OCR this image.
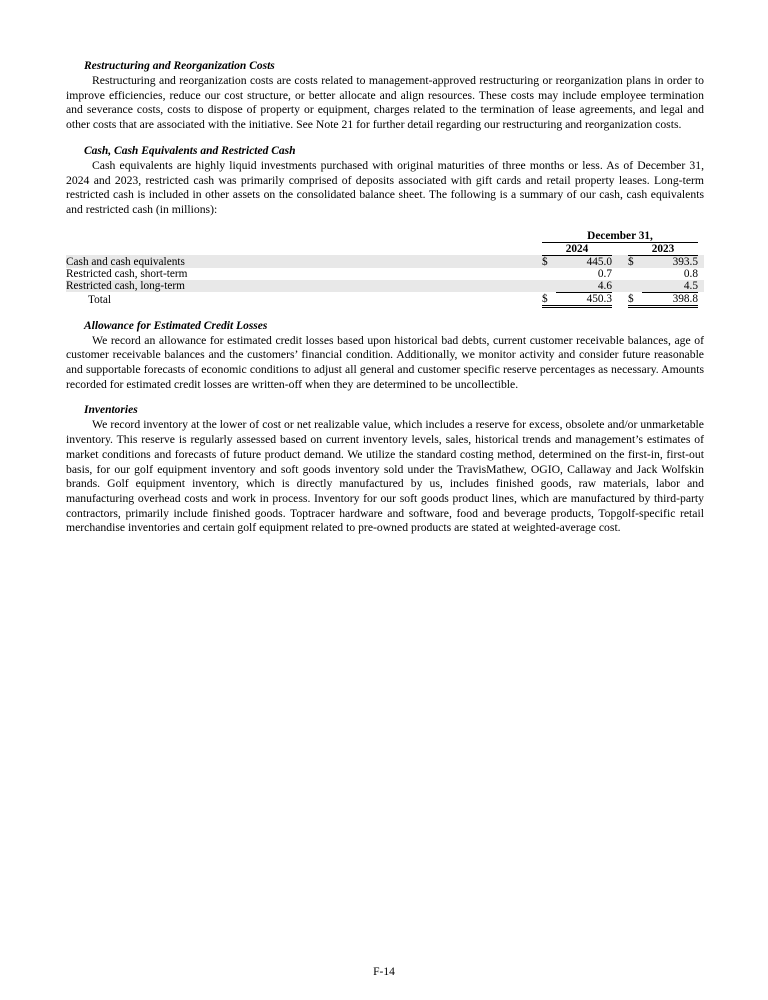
Restructuring and Reorganization Costs

Restructuring and reorganization costs are costs related to management-approved restructuring or reorganization plans in order to improve efficiencies, reduce our cost structure, or better allocate and align resources. These costs may include employee termination and severance costs, costs to dispose of property or equipment, charges related to the termination of lease agreements, and legal and other costs that are associated with the initiative. See Note 21 for further detail regarding our restructuring and reorganization costs.

Cash, Cash Equivalents and Restricted Cash

Cash equivalents are highly liquid investments purchased with original maturities of three months or less. As of December 31, 2024 and 2023, restricted cash was primarily comprised of deposits associated with gift cards and retail property leases. Long-term restricted cash is included in other assets on the consolidated balance sheet. The following is a summary of our cash, cash equivalents and restricted cash (in millions):

		December 31,					
		2024			2023		
Cash and cash equivalents		$	445.0		$	393.5	
Restricted cash, short-term			0.7			0.8	
Restricted cash, long-term			4.6			4.5	
Total		$	450.3		$	398.8	
Allowance for Estimated Credit Losses

We record an allowance for estimated credit losses based upon historical bad debts, current customer receivable balances, age of customer receivable balances and the customers’ financial condition. Additionally, we monitor activity and consider future reasonable and supportable forecasts of economic conditions to adjust all general and customer specific reserve percentages as necessary. Amounts recorded for estimated credit losses are written-off when they are determined to be uncollectible.

Inventories

We record inventory at the lower of cost or net realizable value, which includes a reserve for excess, obsolete and/or unmarketable inventory. This reserve is regularly assessed based on current inventory levels, sales, historical trends and management’s estimates of market conditions and forecasts of future product demand. We utilize the standard costing method, determined on the first-in, first-out basis, for our golf equipment inventory and soft goods inventory sold under the TravisMathew, OGIO, Callaway and Jack Wolfskin brands. Golf equipment inventory, which is directly manufactured by us, includes finished goods, raw materials, labor and manufacturing overhead costs and work in process. Inventory for our soft goods product lines, which are manufactured by third-party contractors, primarily include finished goods. Toptracer hardware and software, food and beverage products, Topgolf-specific retail merchandise inventories and certain golf equipment related to pre-owned products are stated at weighted-average cost.

F-14
